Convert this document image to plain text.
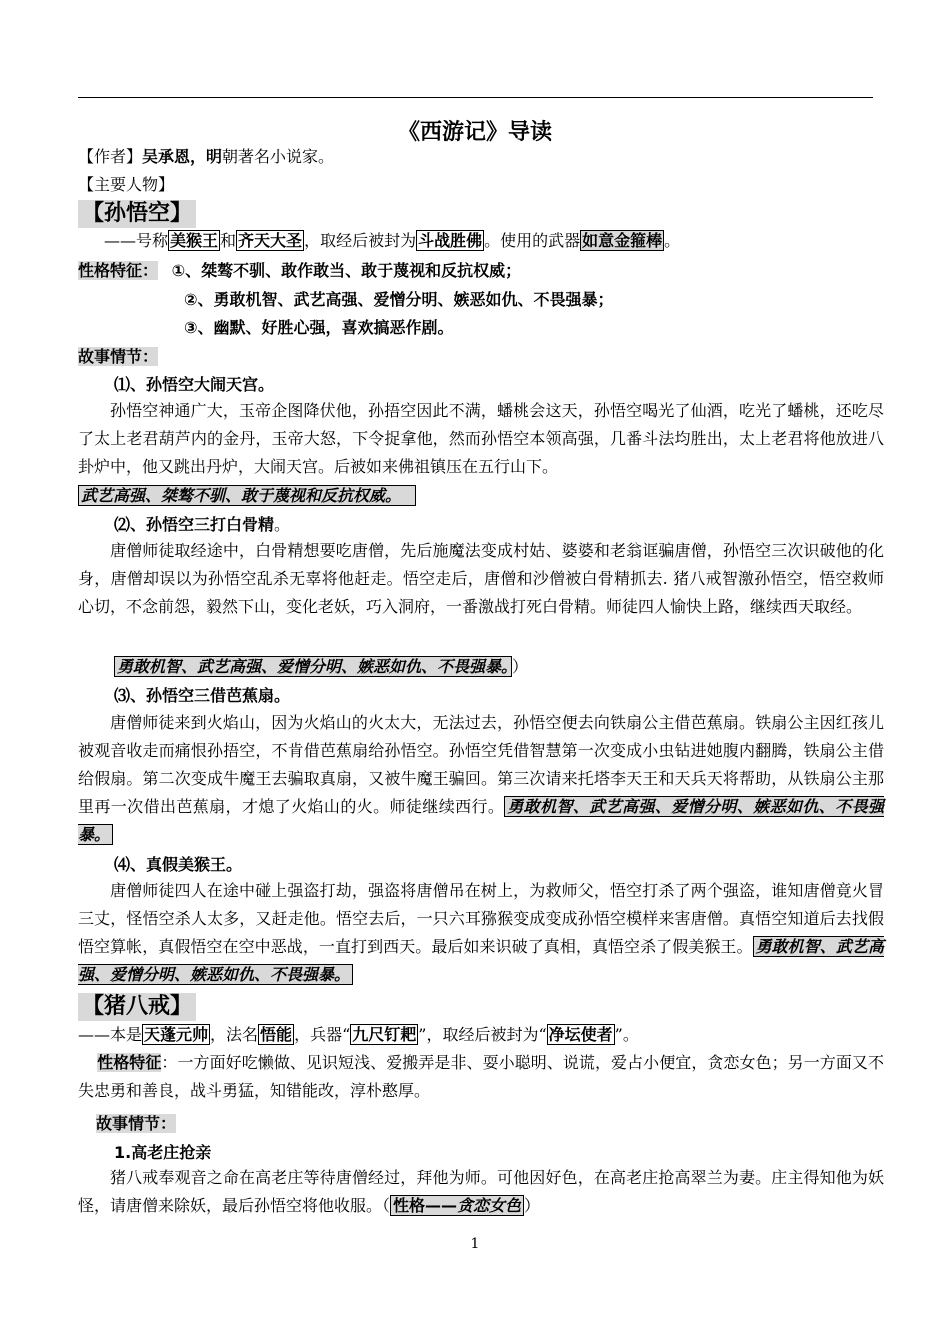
《西游记》导读
【作者】吴承恩，明朝著名小说家。
【主要人物】
【孙悟空】
——号称 美猴王 和 齐天大圣 ，取经后被封为 斗战胜佛 。使用的武器 如意金箍棒 。
性格特征： ①、桀骜不驯、敢作敢当、敢于蔑视和反抗权威；
②、勇敢机智、武艺高强、爱憎分明、嫉恶如仇、不畏强暴；
③、幽默、好胜心强，喜欢搞恶作剧。
故事情节：
⑴、孙悟空大闹天宫。
孙悟空神通广大，玉帝企图降伏他，孙捂空因此不满，蟠桃会这天，孙悟空喝光了仙酒，吃光了蟠桃，还吃尽了太上老君葫芦内的金丹，玉帝大怒，下令捉拿他，然而孙悟空本领高强，几番斗法均胜出，太上老君将他放进八卦炉中，他又跳出丹炉，大闹天宫。后被如来佛祖镇压在五行山下。
武艺高强、桀骜不驯、敢于蔑视和反抗权威。
⑵、孙悟空三打白骨精。
唐僧师徒取经途中，白骨精想要吃唐僧，先后施魔法变成村姑、婆婆和老翁诓骗唐僧，孙悟空三次识破他的化身，唐僧却误以为孙悟空乱杀无辜将他赶走。悟空走后，唐僧和沙僧被白骨精抓去. 猪八戒智激孙悟空，悟空救师心切，不念前怨，毅然下山，变化老妖，巧入洞府，一番激战打死白骨精。师徒四人愉快上路，继续西天取经。
勇敢机智、武艺高强、爱憎分明、嫉恶如仇、不畏强暴。 ）
⑶、孙悟空三借芭蕉扇。
唐僧师徒来到火焰山，因为火焰山的火太大，无法过去，孙悟空便去向铁扇公主借芭蕉扇。铁扇公主因红孩儿被观音收走而痛恨孙捂空，不肯借芭蕉扇给孙悟空。孙悟空凭借智慧第一次变成小虫钻进她腹内翻腾，铁扇公主借给假扇。第二次变成牛魔王去骗取真扇，又被牛魔王骗回。第三次请来托塔李天王和天兵天将帮助，从铁扇公主那里再一次借出芭蕉扇，才熄了火焰山的火。师徒继续西行。 勇敢机智、武艺高强、爱憎分明、嫉恶如仇、不畏强暴。
⑷、真假美猴王。
唐僧师徒四人在途中碰上强盗打劫，强盗将唐僧吊在树上，为救师父，悟空打杀了两个强盗，谁知唐僧竟火冒三丈，怪悟空杀人太多，又赶走他。悟空去后，一只六耳猕猴变成变成孙悟空模样来害唐僧。真悟空知道后去找假悟空算帐，真假悟空在空中恶战，一直打到西天。最后如来识破了真相，真悟空杀了假美猴王。 勇敢机智、武艺高强、爱憎分明、嫉恶如仇、不畏强暴。
【猪八戒】
——本是 天蓬元帅 ，法名 悟能 ，兵器“ 九尺钉耙 ”，取经后被封为“ 净坛使者 ”。
性格特征：一方面好吃懒做、见识短浅、爱搬弄是非、耍小聪明、说谎，爱占小便宜，贪恋女色；另一方面又不失忠勇和善良，战斗勇猛，知错能改，淳朴憨厚。
故事情节：
1.高老庄抢亲
猪八戒奉观音之命在高老庄等待唐僧经过，拜他为师。可他因好色，在高老庄抢高翠兰为妻。庄主得知他为妖怪，请唐僧来除妖，最后孙悟空将他收服。（ 性格——贪恋女色 ）
1
